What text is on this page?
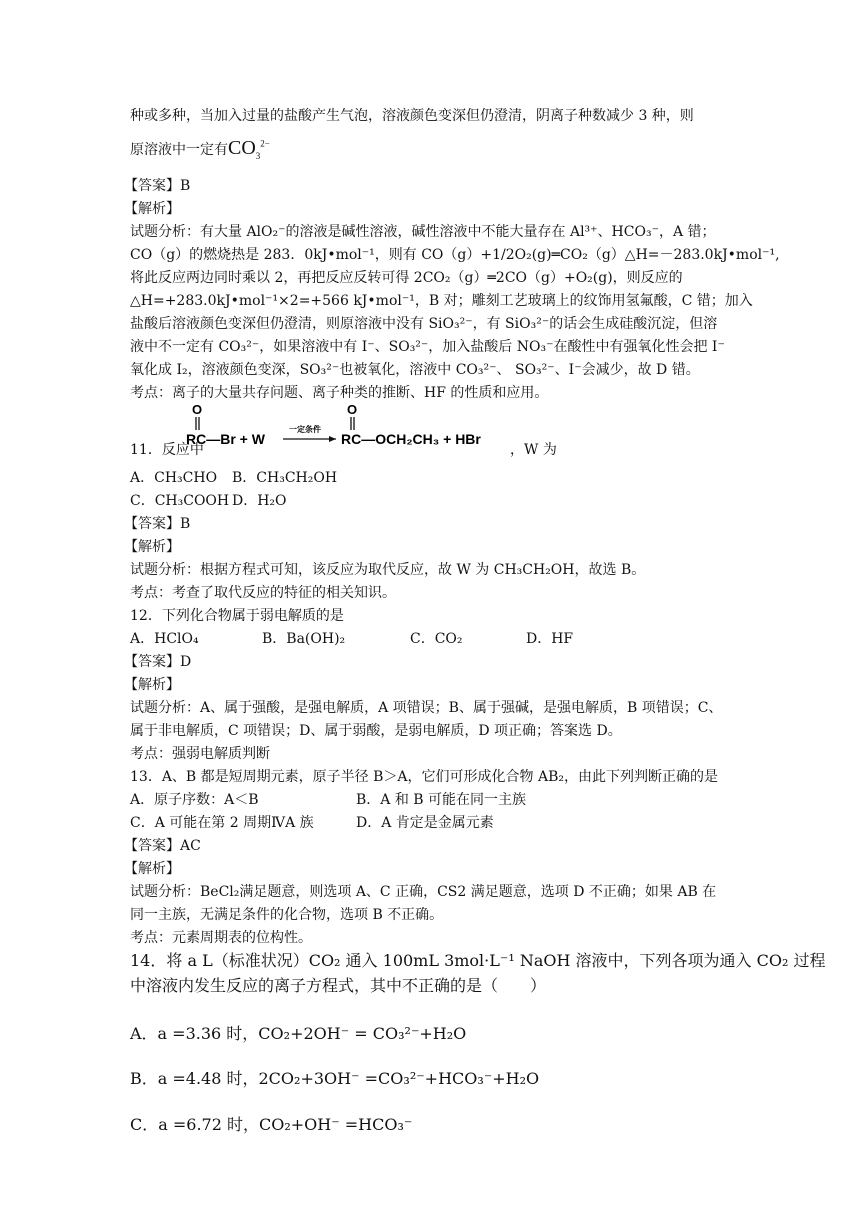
种或多种，当加入过量的盐酸产生气泡，溶液颜色变深但仍澄清，阴离子种数减少 3 种，则
原溶液中一定有$CO_3^{2-}$
【答案】B
【解析】
试题分析：有大量 AlO₂⁻的溶液是碱性溶液，碱性溶液中不能大量存在 Al³⁺、HCO₃⁻，A 错；
CO（g）的燃烧热是 283．0kJ•mol⁻¹，则有 CO（g）+1/2O₂(g)═CO₂（g）△H=－283.0kJ•mol⁻¹,
将此反应两边同时乘以 2，再把反应反转可得 2CO₂（g）═2CO（g）+O₂(g)，则反应的
△H=+283.0kJ•mol⁻¹×2=+566 kJ•mol⁻¹，B 对；雕刻工艺玻璃上的纹饰用氢氟酸，C 错；加入
盐酸后溶液颜色变深但仍澄清，则原溶液中没有 SiO₃²⁻，有 SiO₃²⁻的话会生成硅酸沉淀，但溶
液中不一定有 CO₃²⁻，如果溶液中有 I⁻、SO₃²⁻，加入盐酸后 NO₃⁻在酸性中有强氧化性会把 I⁻
氧化成 I₂，溶液颜色变深，SO₃²⁻也被氧化，溶液中 CO₃²⁻、 SO₃²⁻、I⁻会减少，故 D 错。
考点：离子的大量共存问题、离子种类的推断、HF 的性质和应用。
11．反应中
O
RC—Br + W
一定条件
O
RC—OCH₂CH₃ + HBr
，W 为
A．CH₃CHO B．CH₃CH₂OH
C．CH₃COOH D．H₂O
【答案】B
【解析】
试题分析：根据方程式可知，该反应为取代反应，故 W 为 CH₃CH₂OH，故选 B。
考点：考查了取代反应的特征的相关知识。
12．下列化合物属于弱电解质的是
A．HClO₄	B．Ba(OH)₂	C．CO₂	D．HF
【答案】D
【解析】
试题分析：A、属于强酸，是强电解质，A 项错误；B、属于强碱，是强电解质，B 项错误；C、
属于非电解质，C 项错误；D、属于弱酸，是弱电解质，D 项正确；答案选 D。
考点：强弱电解质判断
13．A、B 都是短周期元素，原子半径 B＞A，它们可形成化合物 AB₂，由此下列判断正确的是
A．原子序数：A＜B	B．A 和 B 可能在同一主族
C．A 可能在第 2 周期ⅣA 族	D．A 肯定是金属元素
【答案】AC
【解析】
试题分析：BeCl₂满足题意，则选项 A、C 正确，CS2 满足题意，选项 D 不正确；如果 AB 在
同一主族，无满足条件的化合物，选项 B 不正确。
考点：元素周期表的位构性。
14．将 a L（标准状况）CO₂ 通入 100mL 3mol·L⁻¹ NaOH 溶液中，下列各项为通入 CO₂ 过程
中溶液内发生反应的离子方程式，其中不正确的是（　　）
A．a =3.36 时，CO₂+2OH⁻ = CO₃²⁻+H₂O
B．a =4.48 时，2CO₂+3OH⁻ =CO₃²⁻+HCO₃⁻+H₂O
C．a =6.72 时，CO₂+OH⁻ =HCO₃⁻
